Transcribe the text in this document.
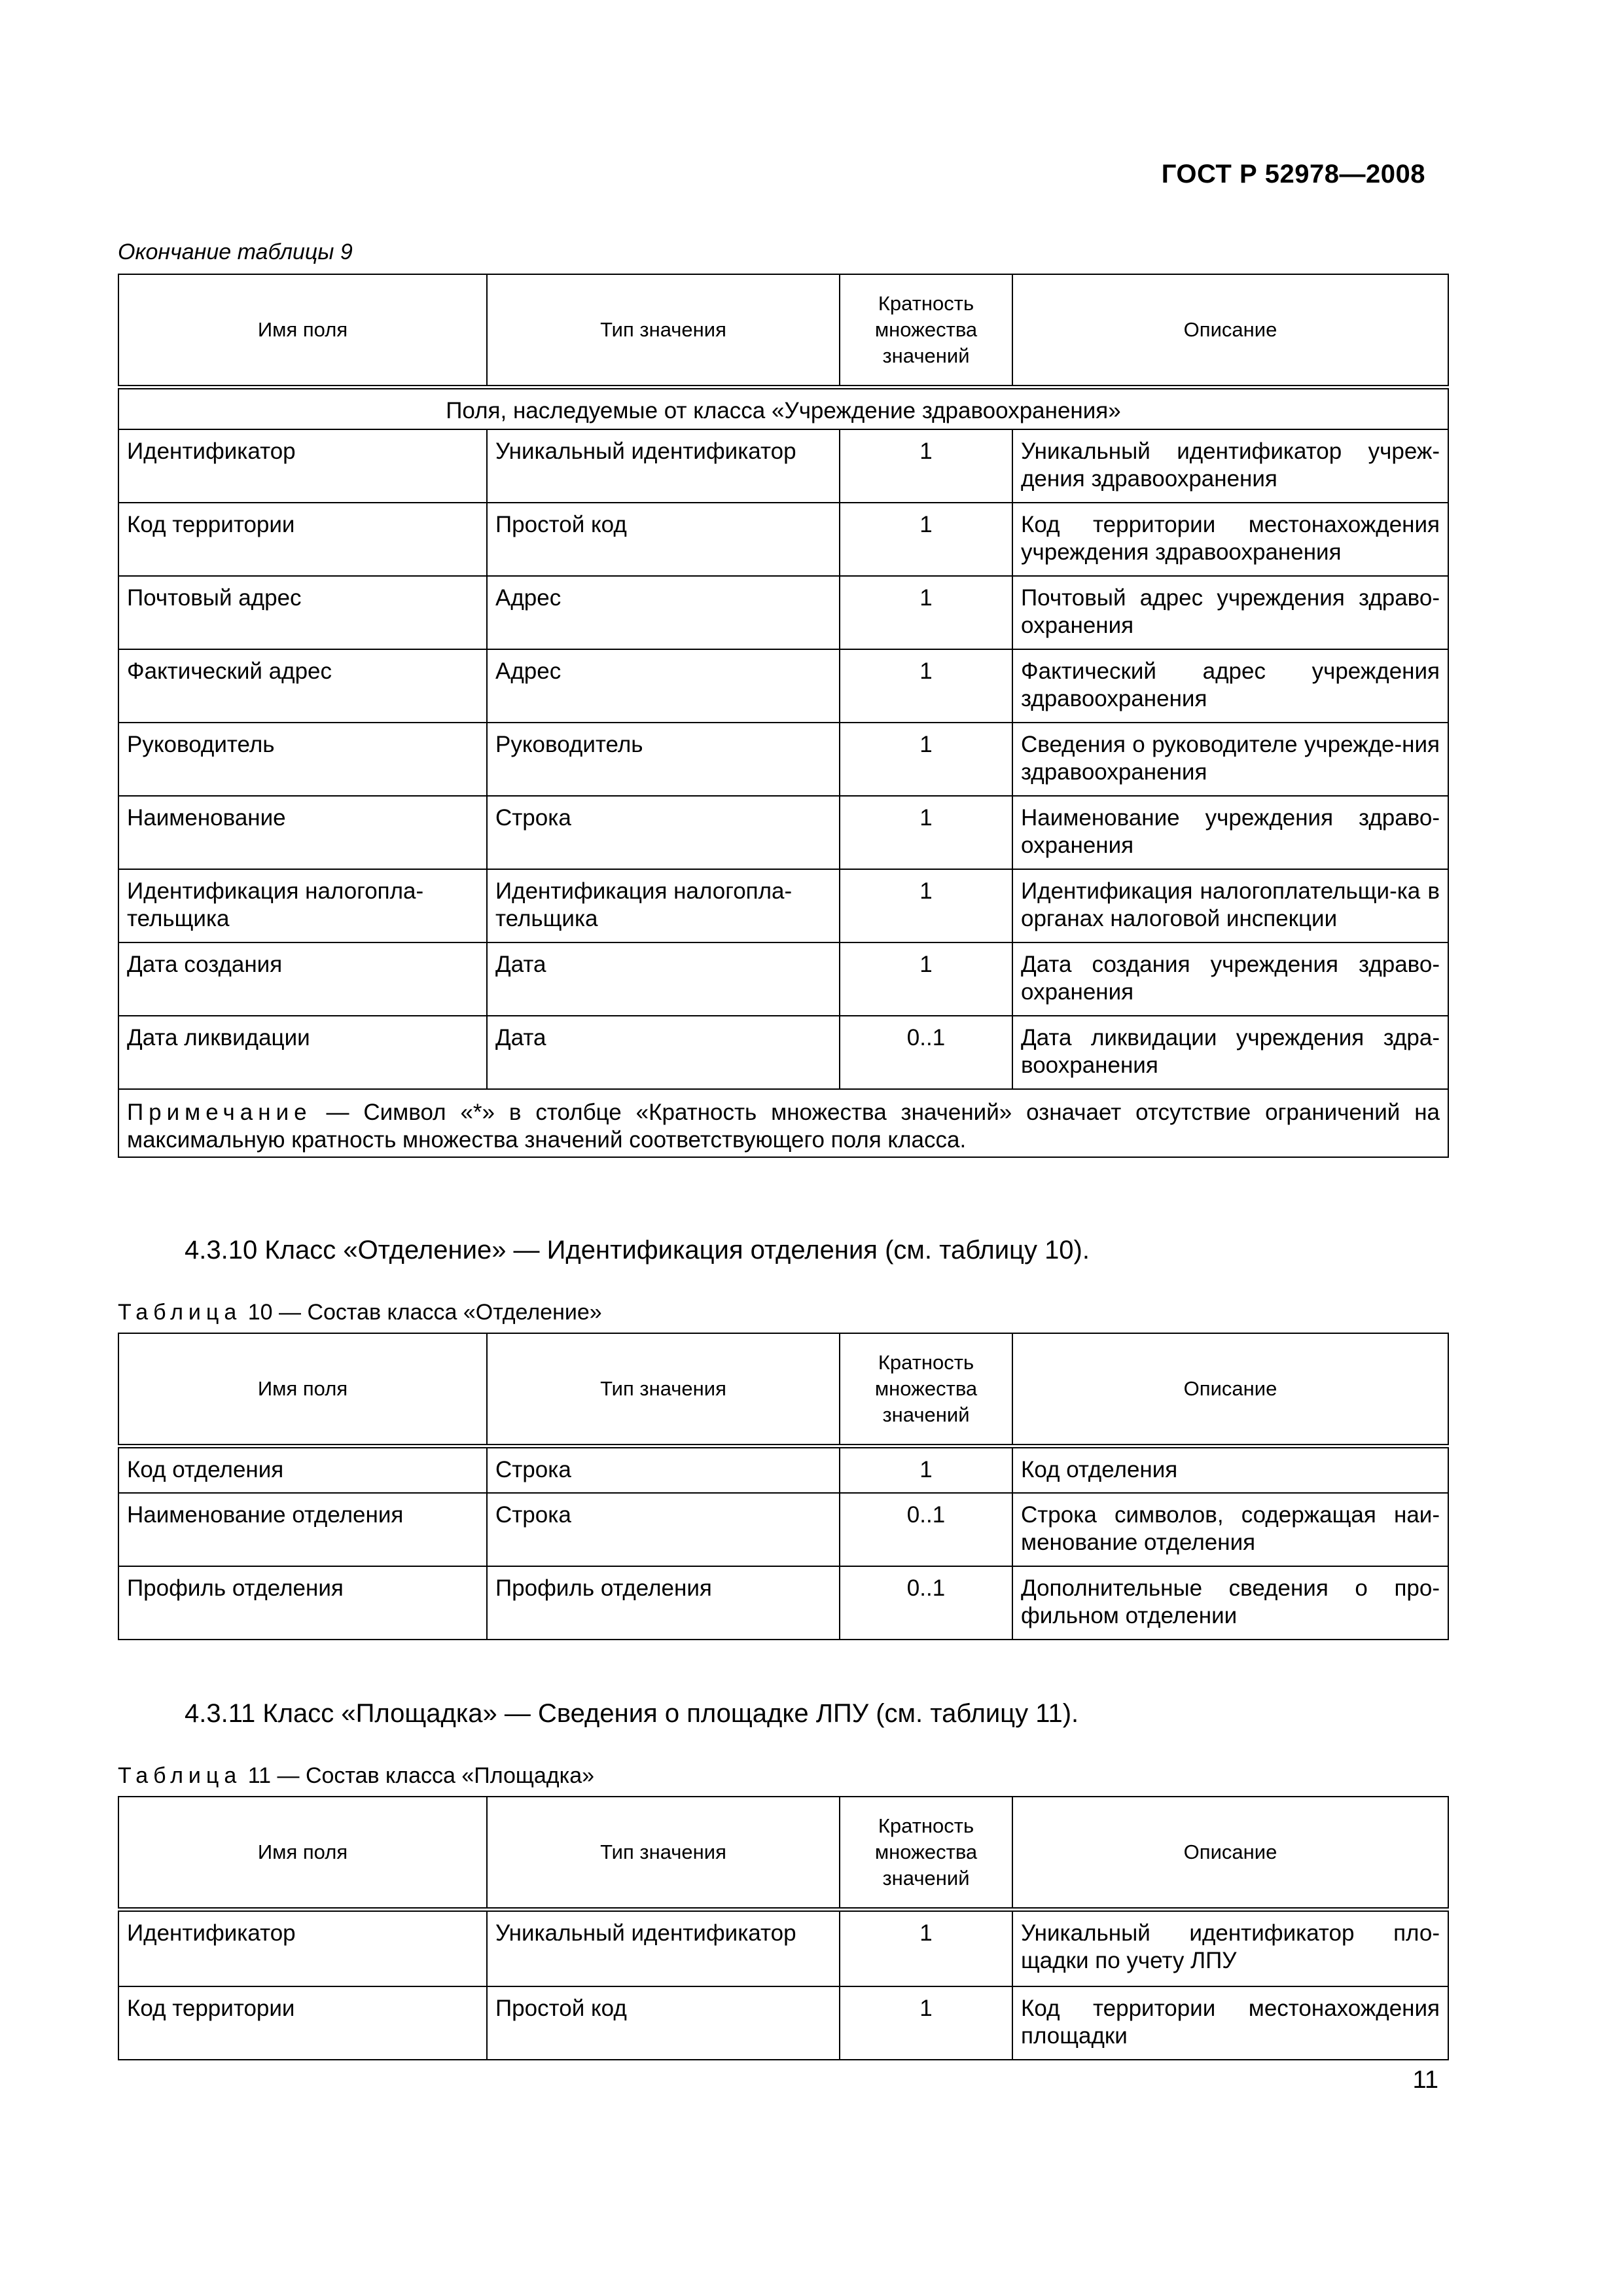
ГОСТ Р 52978—2008
Окончание таблицы 9
Имя поля	Тип значения	Кратность множества значений	Описание
Поля, наследуемые от класса «Учреждение здравоохранения»			
Идентификатор	Уникальный идентификатор	1	Уникальный идентификатор учреж-дения здравоохранения
Код территории	Простой код	1	Код территории местонахождения учреждения здравоохранения
Почтовый адрес	Адрес	1	Почтовый адрес учреждения здраво-охранения
Фактический адрес	Адрес	1	Фактический адрес учреждения здравоохранения
Руководитель	Руководитель	1	Сведения о руководителе учрежде-ния здравоохранения
Наименование	Строка	1	Наименование учреждения здраво-охранения
Идентификация налогопла-тельщика	Идентификация налогопла-тельщика	1	Идентификация налогоплательщи-ка в органах налоговой инспекции
Дата создания	Дата	1	Дата создания учреждения здраво-охранения
Дата ликвидации	Дата	0..1	Дата ликвидации учреждения здра-воохранения
Примечание — Символ «*» в столбце «Кратность множества значений» означает отсутствие ограничений на максимальную кратность множества значений соответствующего поля класса.			
4.3.10 Класс «Отделение» — Идентификация отделения (см. таблицу 10).
Таблица 10 — Состав класса «Отделение»
Имя поля	Тип значения	Кратность множества значений	Описание
Код отделения	Строка	1	Код отделения
Наименование отделения	Строка	0..1	Строка символов, содержащая наи-менование отделения
Профиль отделения	Профиль отделения	0..1	Дополнительные сведения о про-фильном отделении
4.3.11 Класс «Площадка» — Сведения о площадке ЛПУ (см. таблицу 11).
Таблица 11 — Состав класса «Площадка»
Имя поля	Тип значения	Кратность множества значений	Описание
Идентификатор	Уникальный идентификатор	1	Уникальный идентификатор пло-щадки по учету ЛПУ
Код территории	Простой код	1	Код территории местонахождения площадки
11
